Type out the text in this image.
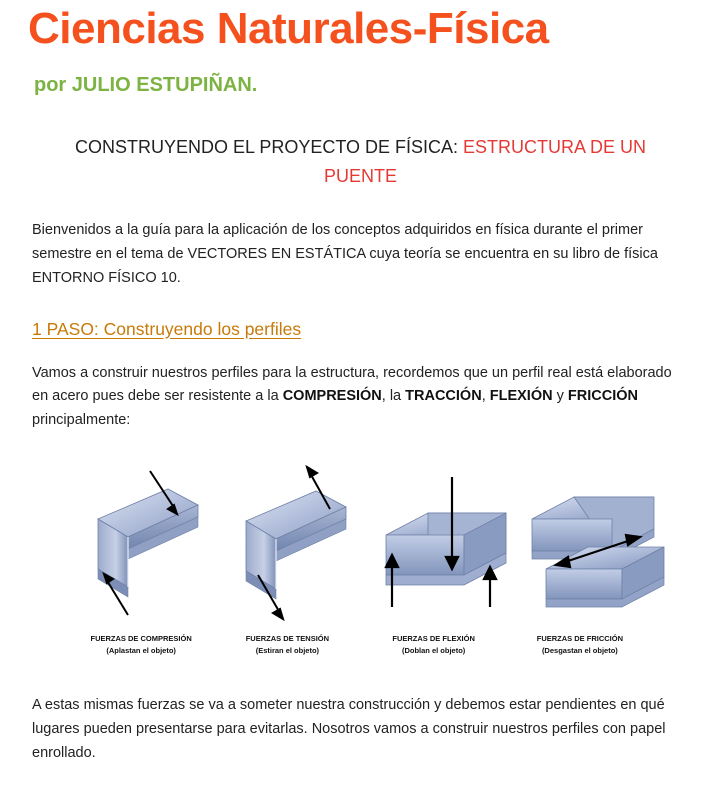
Ciencias Naturales-Física
por JULIO ESTUPIÑAN.
CONSTRUYENDO EL PROYECTO DE FÍSICA: ESTRUCTURA DE UN PUENTE

Bienvenidos a la guía para la aplicación de los conceptos adquiridos en física durante el primer semestre en el tema de VECTORES EN ESTÁTICA cuya teoría se encuentra en su libro de física ENTORNO FÍSICO 10.

1 PASO: Construyendo los perfiles

Vamos a construir nuestros perfiles para la estructura, recordemos que un perfil real está elaborado en acero pues debe ser resistente a la COMPRESIÓN, la TRACCIÓN, FLEXIÓN y FRICCIÓN principalmente:

FUERZAS DE COMPRESIÓN
(Aplastan el objeto)
FUERZAS DE TENSIÓN
(Estiran el objeto)
FUERZAS DE FLEXIÓN
(Doblan el objeto)
FUERZAS DE FRICCIÓN
(Desgastan el objeto)

A estas mismas fuerzas se va a someter nuestra construcción y debemos estar pendientes en qué lugares pueden presentarse para evitarlas. Nosotros vamos a construir nuestros perfiles con papel enrollado.
